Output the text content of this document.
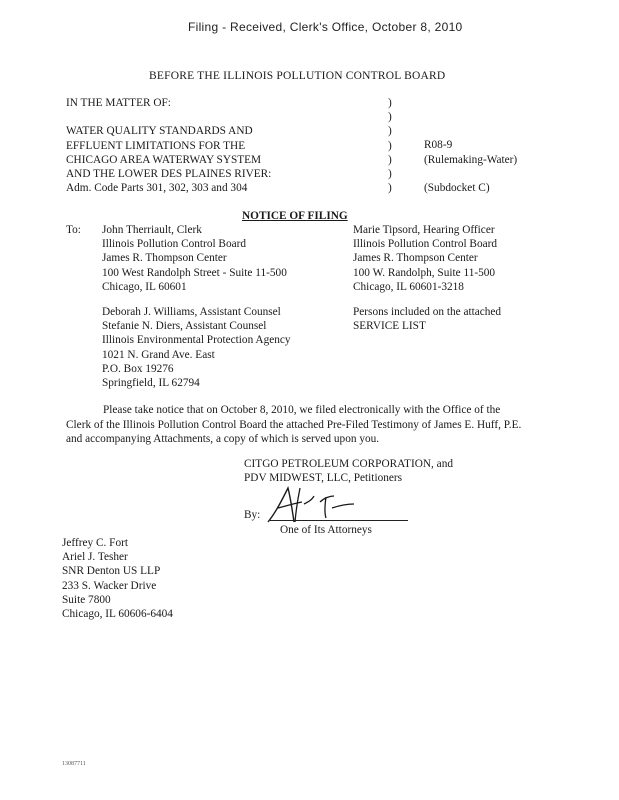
Filing - Received, Clerk's Office, October 8, 2010
BEFORE THE ILLINOIS POLLUTION CONTROL BOARD
IN THE MATTER OF:
WATER QUALITY STANDARDS AND
EFFLUENT LIMITATIONS FOR THE
CHICAGO AREA WATERWAY SYSTEM
AND THE LOWER DES PLAINES RIVER:
Adm. Code Parts 301, 302, 303 and 304
)
)
)
)
)
)
)
R08-9
(Rulemaking-Water)
(Subdocket C)
NOTICE OF FILING
To: John Therriault, Clerk
Illinois Pollution Control Board
James R. Thompson Center
100 West Randolph Street - Suite 11-500
Chicago, IL 60601
Marie Tipsord, Hearing Officer
Illinois Pollution Control Board
James R. Thompson Center
100 W. Randolph, Suite 11-500
Chicago, IL 60601-3218
Deborah J. Williams, Assistant Counsel
Stefanie N. Diers, Assistant Counsel
Illinois Environmental Protection Agency
1021 N. Grand Ave. East
P.O. Box 19276
Springfield, IL 62794
Persons included on the attached
SERVICE LIST
Please take notice that on October 8, 2010, we filed electronically with the Office of the Clerk of the Illinois Pollution Control Board the attached Pre-Filed Testimony of James E. Huff, P.E. and accompanying Attachments, a copy of which is served upon you.
CITGO PETROLEUM CORPORATION, and
PDV MIDWEST, LLC, Petitioners
By:
One of Its Attorneys
Jeffrey C. Fort
Ariel J. Tesher
SNR Denton US LLP
233 S. Wacker Drive
Suite 7800
Chicago, IL 60606-6404
13087711
